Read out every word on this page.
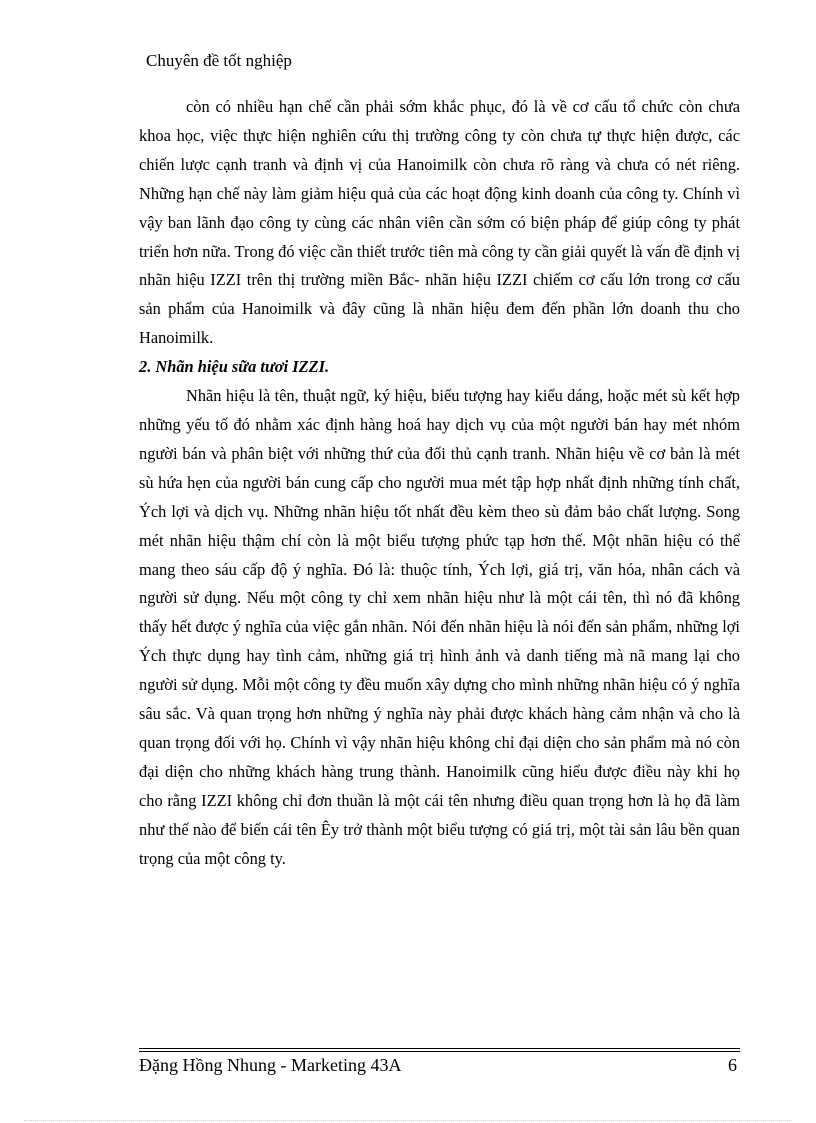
Chuyên đề tốt nghiệp

còn có nhiều hạn chế cần phải sớm khắc phục, đó là về cơ cấu tổ chức còn chưa khoa học, việc thực hiện nghiên cứu thị trường công ty còn chưa tự thực hiện được, các chiến lược cạnh tranh và định vị của Hanoimilk còn chưa rõ ràng và chưa có nét riêng. Những hạn chế này làm giảm hiệu quả của các hoạt động kinh doanh của công ty. Chính vì vậy ban lãnh đạo công ty cùng các nhân viên cần sớm có biện pháp để giúp công ty phát triển hơn nữa. Trong đó việc cần thiết trước tiên mà công ty cần giải quyết là vấn đề định vị nhãn hiệu IZZI trên thị trường miền Bắc- nhãn hiệu IZZI chiếm cơ cấu lớn trong cơ cấu sản phẩm của Hanoimilk và đây cũng là nhãn hiệu đem đến phần lớn doanh thu cho Hanoimilk.

2. Nhãn hiệu sữa tươi IZZI.

Nhãn hiệu là tên, thuật ngữ, ký hiệu, biểu tượng hay kiểu dáng, hoặc mét sù kết hợp những yếu tố đó nhằm xác định hàng hoá hay dịch vụ của một người bán hay mét nhóm người bán và phân biệt với những thứ của đối thủ cạnh tranh. Nhãn hiệu về cơ bản là mét sù hứa hẹn của người bán cung cấp cho người mua mét tập hợp nhất định những tính chất, Ých lợi và dịch vụ. Những nhãn hiệu tốt nhất đều kèm theo sù đảm bảo chất lượng. Song mét nhãn hiệu thậm chí còn là một biểu tượng phức tạp hơn thế. Một nhãn hiệu có thể mang theo sáu cấp độ ý nghĩa. Đó là: thuộc tính, Ých lợi, giá trị, văn hóa, nhân cách và người sử dụng. Nếu một công ty chỉ xem nhãn hiệu như là một cái tên, thì nó đã không thấy hết được ý nghĩa của việc gắn nhãn. Nói đến nhãn hiệu là nói đến sản phẩm, những lợi Ých thực dụng hay tình cảm, những giá trị hình ảnh và danh tiếng mà nã mang lại cho người sử dụng. Mỗi một công ty đều muốn xây dựng cho mình những nhãn hiệu có ý nghĩa sâu sắc. Và quan trọng hơn những ý nghĩa này phải được khách hàng cảm nhận và cho là quan trọng đối với họ. Chính vì vậy nhãn hiệu không chỉ đại diện cho sản phẩm mà nó còn đại diện cho những khách hàng trung thành. Hanoimilk cũng hiểu được điều này khi họ cho rằng IZZI không chỉ đơn thuần là một cái tên nhưng điều quan trọng hơn là họ đã làm như thế nào để biến cái tên Êy trở thành một biểu tượng có giá trị, một tài sản lâu bền quan trọng của một công ty.

Đặng Hồng Nhung - Marketing 43A	6
